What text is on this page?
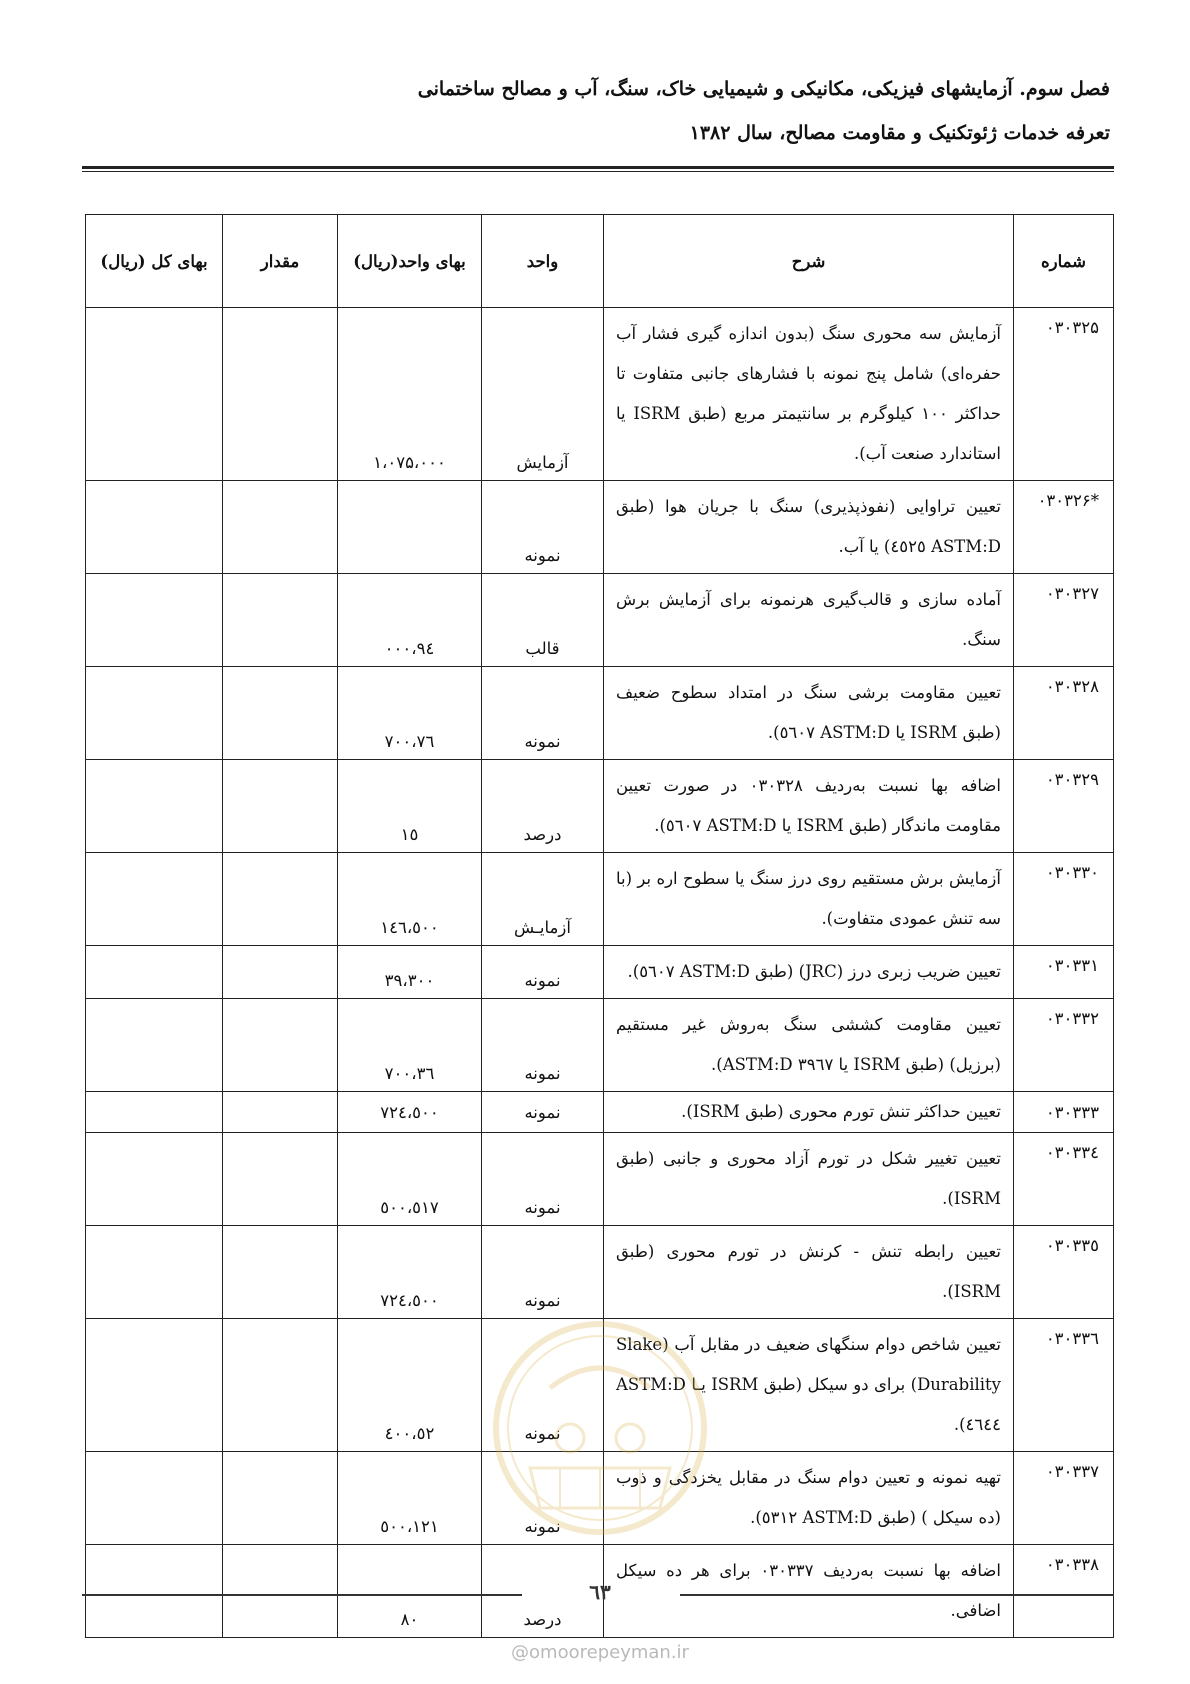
فصل سوم. آزمایشهای فیزیکی، مکانیکی و شیمیایی خاک، سنگ، آب و مصالح ساختمانی
تعرفه خدمات ژئوتکنیک و مقاومت مصالح، سال ۱۳۸۲
شماره	شرح	واحد	بهای واحد(ریال)	مقدار	بهای کل (ریال)
۰۳۰۳۲۵	آزمایش سه محوری سنگ (بدون اندازه گیری فشار آب حفره‌ای) شامل پنج نمونه با فشارهای جانبی متفاوت تا حداکثر ۱۰۰ کیلوگرم بر سانتیمتر مربع (طبق ISRM یا استاندارد صنعت آب).	آزمایش	۱،۰۷۵،۰۰۰		
*۰۳۰۳۲۶	تعیین تراوایی (نفوذپذیری) سنگ با جریان هوا (طبق ASTM:D ٤٥٢٥) یا آب.	نمونه			
۰۳۰۳۲۷	آماده سازی و قالب‌گیری هرنمونه برای آزمایش برش سنگ.	قالب	۹٤،۰۰۰		
۰۳۰۳۲۸	تعیین مقاومت برشی سنگ در امتداد سطوح ضعیف (طبق ISRM یا ASTM:D ٥٦٠٧).	نمونه	۷٦،۷۰۰		
۰۳۰۳۲۹	اضافه بها نسبت به‌ردیف ۰۳۰۳۲۸ در صورت تعیین مقاومت ماندگار (طبق ISRM یا ASTM:D ٥٦٠٧).	درصد	۱٥		
۰۳۰۳۳۰	آزمایش برش مستقیم روی درز سنگ یا سطوح اره بر (با سه تنش عمودی متفاوت).	آزمایـش	۱٤٦،٥۰۰		
۰۳۰۳۳۱	تعیین ضریب زبری درز (JRC) (طبق ASTM:D ٥٦٠٧).	نمونه	۳۹،۳۰۰		
۰۳۰۳۳۲	تعیین مقاومت کششی سنگ به‌روش غیر مستقیم (برزیل) (طبق ISRM یا ASTM:D ۳۹٦۷).	نمونه	۳٦،۷۰۰		
۰۳۰۳۳۳	تعیین حداکثر تنش تورم محوری (طبق ISRM).	نمونه	۷۲٤،٥۰۰		
۰۳۰۳۳٤	تعیین تغییر شکل در تورم آزاد محوری و جانبی (طبق ISRM).	نمونه	٥۱۷،٥۰۰		
۰۳۰۳۳٥	تعیین رابطه تنش - کرنش در تورم محوری (طبق ISRM).	نمونه	۷۲٤،٥۰۰		
۰۳۰۳۳٦	تعیین شاخص دوام سنگهای ضعیف در مقابل آب (Slake Durability) برای دو سیکل (طبق ISRM یـا ASTM:D ٤٦٤٤).	نمونه	٥۲،٤۰۰		
۰۳۰۳۳۷	تهیه نمونه و تعیین دوام سنگ در مقابل یخزدگی و ذوب (ده سیکل ) (طبق ASTM:D ٥۳۱۲).	نمونه	۱۲۱،٥۰۰		
۰۳۰۳۳۸	اضافه بها نسبت به‌ردیف ۰۳۰۳۳۷ برای هر ده سیکل اضافی.	درصد	۸۰		
٦۳
@omoorepeyman.ir
